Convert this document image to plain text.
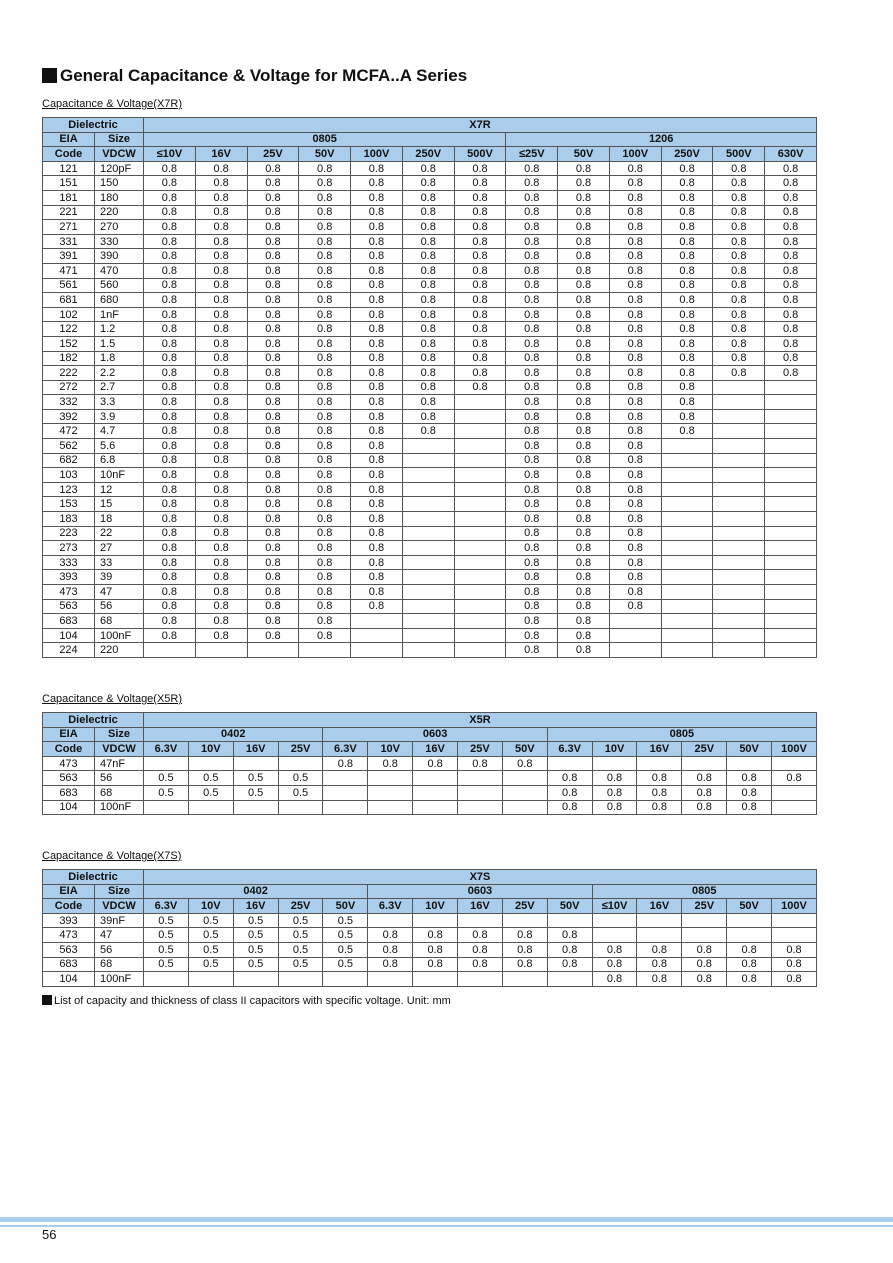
General Capacitance & Voltage for MCFA..A Series
Capacitance & Voltage(X7R)
Dielectric		X7R												
EIA	Size	0805							1206					
Code	VDCW	≤10V	16V	25V	50V	100V	250V	500V	≤25V	50V	100V	250V	500V	630V
121	120pF	0.8	0.8	0.8	0.8	0.8	0.8	0.8	0.8	0.8	0.8	0.8	0.8	0.8
151	150	0.8	0.8	0.8	0.8	0.8	0.8	0.8	0.8	0.8	0.8	0.8	0.8	0.8
181	180	0.8	0.8	0.8	0.8	0.8	0.8	0.8	0.8	0.8	0.8	0.8	0.8	0.8
221	220	0.8	0.8	0.8	0.8	0.8	0.8	0.8	0.8	0.8	0.8	0.8	0.8	0.8
271	270	0.8	0.8	0.8	0.8	0.8	0.8	0.8	0.8	0.8	0.8	0.8	0.8	0.8
331	330	0.8	0.8	0.8	0.8	0.8	0.8	0.8	0.8	0.8	0.8	0.8	0.8	0.8
391	390	0.8	0.8	0.8	0.8	0.8	0.8	0.8	0.8	0.8	0.8	0.8	0.8	0.8
471	470	0.8	0.8	0.8	0.8	0.8	0.8	0.8	0.8	0.8	0.8	0.8	0.8	0.8
561	560	0.8	0.8	0.8	0.8	0.8	0.8	0.8	0.8	0.8	0.8	0.8	0.8	0.8
681	680	0.8	0.8	0.8	0.8	0.8	0.8	0.8	0.8	0.8	0.8	0.8	0.8	0.8
102	1nF	0.8	0.8	0.8	0.8	0.8	0.8	0.8	0.8	0.8	0.8	0.8	0.8	0.8
122	1.2	0.8	0.8	0.8	0.8	0.8	0.8	0.8	0.8	0.8	0.8	0.8	0.8	0.8
152	1.5	0.8	0.8	0.8	0.8	0.8	0.8	0.8	0.8	0.8	0.8	0.8	0.8	0.8
182	1.8	0.8	0.8	0.8	0.8	0.8	0.8	0.8	0.8	0.8	0.8	0.8	0.8	0.8
222	2.2	0.8	0.8	0.8	0.8	0.8	0.8	0.8	0.8	0.8	0.8	0.8	0.8	0.8
272	2.7	0.8	0.8	0.8	0.8	0.8	0.8	0.8	0.8	0.8	0.8	0.8		
332	3.3	0.8	0.8	0.8	0.8	0.8	0.8		0.8	0.8	0.8	0.8		
392	3.9	0.8	0.8	0.8	0.8	0.8	0.8		0.8	0.8	0.8	0.8		
472	4.7	0.8	0.8	0.8	0.8	0.8	0.8		0.8	0.8	0.8	0.8		
562	5.6	0.8	0.8	0.8	0.8	0.8			0.8	0.8	0.8			
682	6.8	0.8	0.8	0.8	0.8	0.8			0.8	0.8	0.8			
103	10nF	0.8	0.8	0.8	0.8	0.8			0.8	0.8	0.8			
123	12	0.8	0.8	0.8	0.8	0.8			0.8	0.8	0.8			
153	15	0.8	0.8	0.8	0.8	0.8			0.8	0.8	0.8			
183	18	0.8	0.8	0.8	0.8	0.8			0.8	0.8	0.8			
223	22	0.8	0.8	0.8	0.8	0.8			0.8	0.8	0.8			
273	27	0.8	0.8	0.8	0.8	0.8			0.8	0.8	0.8			
333	33	0.8	0.8	0.8	0.8	0.8			0.8	0.8	0.8			
393	39	0.8	0.8	0.8	0.8	0.8			0.8	0.8	0.8			
473	47	0.8	0.8	0.8	0.8	0.8			0.8	0.8	0.8			
563	56	0.8	0.8	0.8	0.8	0.8			0.8	0.8	0.8			
683	68	0.8	0.8	0.8	0.8				0.8	0.8				
104	100nF	0.8	0.8	0.8	0.8				0.8	0.8				
224	220								0.8	0.8				
Capacitance & Voltage(X5R)
Dielectric		X5R														
EIA	Size	0402				0603					0805					
Code	VDCW	6.3V	10V	16V	25V	6.3V	10V	16V	25V	50V	6.3V	10V	16V	25V	50V	100V
473	47nF					0.8	0.8	0.8	0.8	0.8						
563	56	0.5	0.5	0.5	0.5						0.8	0.8	0.8	0.8	0.8	0.8
683	68	0.5	0.5	0.5	0.5						0.8	0.8	0.8	0.8	0.8	
104	100nF										0.8	0.8	0.8	0.8	0.8	
Capacitance & Voltage(X7S)
Dielectric		X7S														
EIA	Size	0402					0603					0805				
Code	VDCW	6.3V	10V	16V	25V	50V	6.3V	10V	16V	25V	50V	≤10V	16V	25V	50V	100V
393	39nF	0.5	0.5	0.5	0.5	0.5										
473	47	0.5	0.5	0.5	0.5	0.5	0.8	0.8	0.8	0.8	0.8					
563	56	0.5	0.5	0.5	0.5	0.5	0.8	0.8	0.8	0.8	0.8	0.8	0.8	0.8	0.8	0.8
683	68	0.5	0.5	0.5	0.5	0.5	0.8	0.8	0.8	0.8	0.8	0.8	0.8	0.8	0.8	0.8
104	100nF											0.8	0.8	0.8	0.8	0.8
List of capacity and thickness of class II capacitors with specific voltage. Unit: mm
56
